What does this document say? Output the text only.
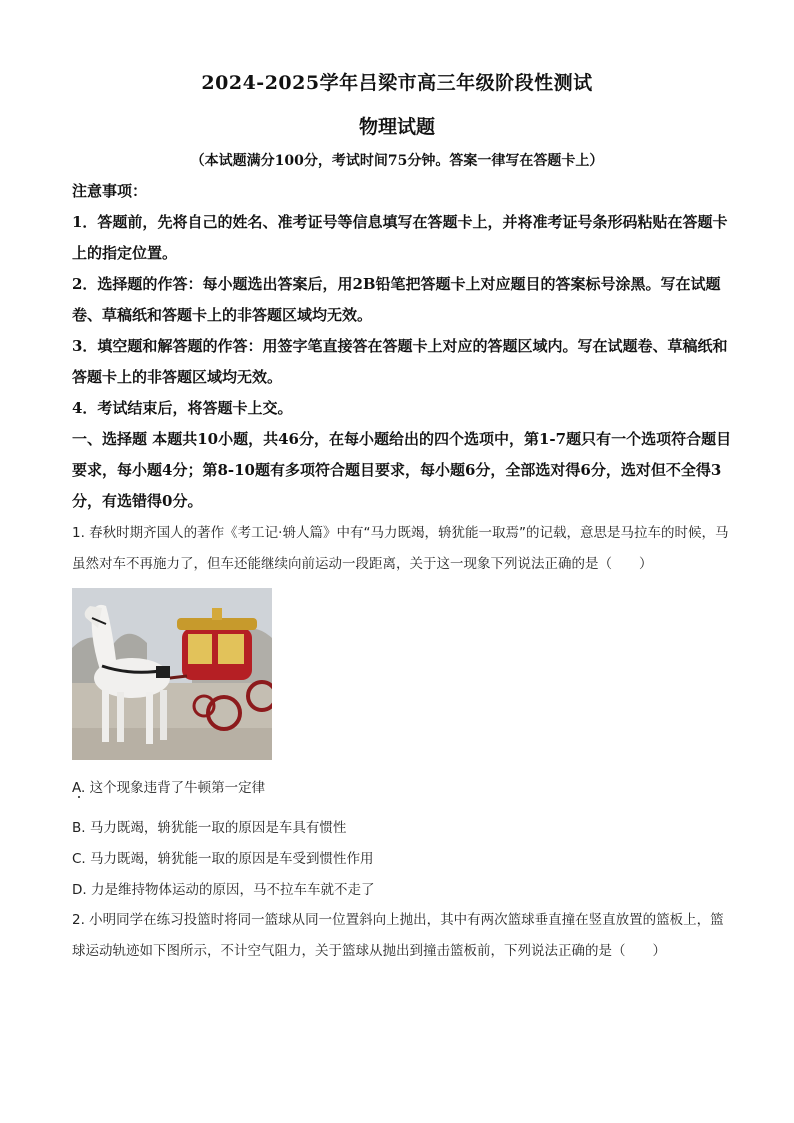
2024-2025学年吕梁市高三年级阶段性测试
物理试题
（本试题满分100分，考试时间75分钟。答案一律写在答题卡上）
注意事项：
1．答题前，先将自己的姓名、准考证号等信息填写在答题卡上，并将准考证号条形码粘贴在答题卡上的指定位置。
2．选择题的作答：每小题选出答案后，用2B铅笔把答题卡上对应题目的答案标号涂黑。写在试题卷、草稿纸和答题卡上的非答题区域均无效。
3．填空题和解答题的作答：用签字笔直接答在答题卡上对应的答题区域内。写在试题卷、草稿纸和答题卡上的非答题区域均无效。
4．考试结束后，将答题卡上交。
一、选择题 本题共10小题，共46分，在每小题给出的四个选项中，第1-7题只有一个选项符合题目要求，每小题4分；第8-10题有多项符合题目要求，每小题6分，全部选对得6分，选对但不全得3分，有选错得0分。
1. 春秋时期齐国人的著作《考工记·辀人篇》中有“马力既竭，辀犹能一取焉”的记载，意思是马拉车的时候，马虽然对车不再施力了，但车还能继续向前运动一段距离，关于这一现象下列说法正确的是（　　）
A. 这个现象违背了牛顿第一定律
B. 马力既竭，辀犹能一取的原因是车具有惯性
C. 马力既竭，辀犹能一取的原因是车受到惯性作用
D. 力是维持物体运动的原因，马不拉车车就不走了
2. 小明同学在练习投篮时将同一篮球从同一位置斜向上抛出，其中有两次篮球垂直撞在竖直放置的篮板上，篮球运动轨迹如下图所示，不计空气阻力，关于篮球从抛出到撞击篮板前，下列说法正确的是（　　）
